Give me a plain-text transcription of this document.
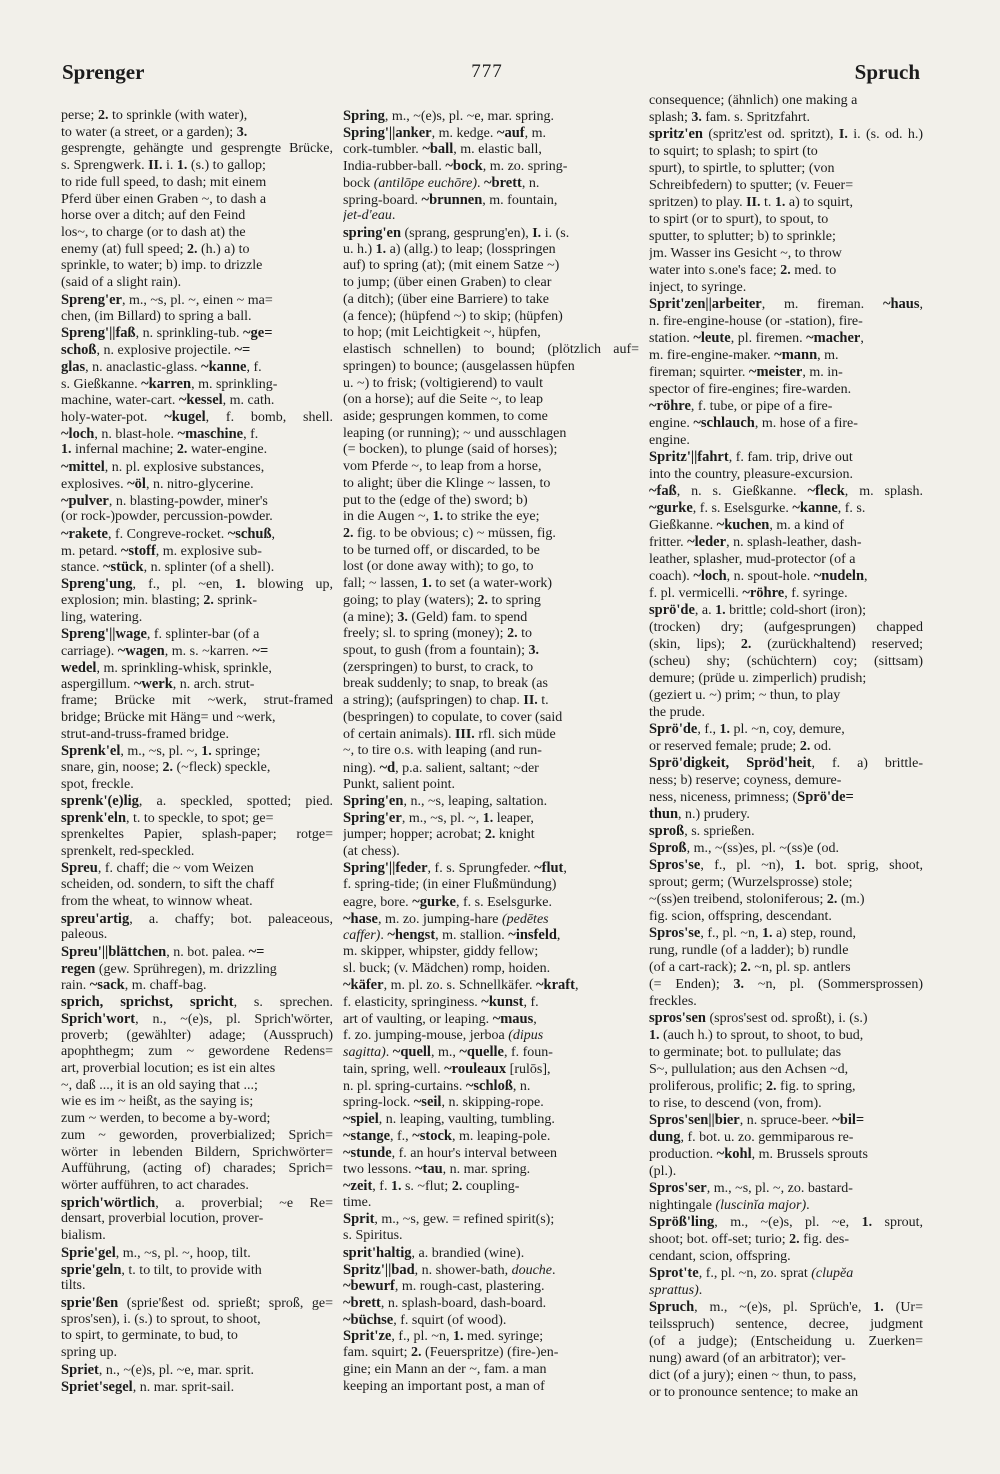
Sprenger	777	Spruch
perse; 2. to sprinkle (with water),
to water (a street, or a garden); 3.
gesprengte, gehängte und gesprengte Brücke,
s. Sprengwerk. II. i. 1. (s.) to gallop;
to ride full speed, to dash; mit einem
Pferd über einen Graben ~, to dash a
horse over a ditch; auf den Feind
los~, to charge (or to dash at) the
enemy (at) full speed; 2. (h.) a) to
sprinkle, to water; b) imp. to drizzle
(said of a slight rain).
Spreng'er, m., ~s, pl. ~, einen ~ ma=
chen, (im Billard) to spring a ball.
Spreng'||faß, n. sprinkling-tub. ~ge=
schoß, n. explosive projectile. ~=
glas, n. anaclastic-glass. ~kanne, f.
s. Gießkanne. ~karren, m. sprinkling-
machine, water-cart. ~kessel, m. cath.
holy-water-pot. ~kugel, f. bomb, shell.
~loch, n. blast-hole. ~maschine, f.
1. infernal machine; 2. water-engine.
~mittel, n. pl. explosive substances,
explosives. ~öl, n. nitro-glycerine.
~pulver, n. blasting-powder, miner's
(or rock-)powder, percussion-powder.
~rakete, f. Congreve-rocket. ~schuß,
m. petard. ~stoff, m. explosive sub-
stance. ~stück, n. splinter (of a shell).
Spreng'ung, f., pl. ~en, 1. blowing up,
explosion; min. blasting; 2. sprink-
ling, watering.
Spreng'||wage, f. splinter-bar (of a
carriage). ~wagen, m. s. ~karren. ~=
wedel, m. sprinkling-whisk, sprinkle,
aspergillum. ~werk, n. arch. strut-
frame; Brücke mit ~werk, strut-framed
bridge; Brücke mit Häng= und ~werk,
strut-and-truss-framed bridge.
Sprenk'el, m., ~s, pl. ~, 1. springe;
snare, gin, noose; 2. (~fleck) speckle,
spot, freckle.
sprenk'(e)lig, a. speckled, spotted; pied.
sprenk'eln, t. to speckle, to spot; ge=
sprenkeltes Papier, splash-paper; rotge=
sprenkelt, red-speckled.
Spreu, f. chaff; die ~ vom Weizen
scheiden, od. sondern, to sift the chaff
from the wheat, to winnow wheat.
spreu'artig, a. chaffy; bot. paleaceous,
paleous.
Spreu'||blättchen, n. bot. palea. ~=
regen (gew. Sprühregen), m. drizzling
rain. ~sack, m. chaff-bag.
sprich, sprichst, spricht, s. sprechen.
Sprich'wort, n., ~(e)s, pl. Sprich'wörter,
proverb; (gewählter) adage; (Ausspruch)
apophthegm; zum ~ gewordene Redens=
art, proverbial locution; es ist ein altes
~, daß ..., it is an old saying that ...;
wie es im ~ heißt, as the saying is;
zum ~ werden, to become a by-word;
zum ~ geworden, proverbialized; Sprich=
wörter in lebenden Bildern, Sprichwörter=
Aufführung, (acting of) charades; Sprich=
wörter aufführen, to act charades.
sprich'wörtlich, a. proverbial; ~e Re=
densart, proverbial locution, prover-
bialism.
Sprie'gel, m., ~s, pl. ~, hoop, tilt.
sprie'geln, t. to tilt, to provide with
tilts.
sprie'ßen (sprie'ßest od. sprießt; sproß, ge=
spros'sen), i. (s.) to sprout, to shoot,
to spirt, to germinate, to bud, to
spring up.
Spriet, n., ~(e)s, pl. ~e, mar. sprit.
Spriet'segel, n. mar. sprit-sail.
Spring, m., ~(e)s, pl. ~e, mar. spring.
Spring'||anker, m. kedge. ~auf, m.
cork-tumbler. ~ball, m. elastic ball,
India-rubber-ball. ~bock, m. zo. spring-
bock (antilōpe euchōre). ~brett, n.
spring-board. ~brunnen, m. fountain,
jet-d'eau.
spring'en (sprang, gesprung'en), I. i. (s.
u. h.) 1. a) (allg.) to leap; (losspringen
auf) to spring (at); (mit einem Satze ~)
to jump; (über einen Graben) to clear
(a ditch); (über eine Barriere) to take
(a fence); (hüpfend ~) to skip; (hüpfen)
to hop; (mit Leichtigkeit ~, hüpfen,
elastisch schnellen) to bound; (plötzlich auf=
springen) to bounce; (ausgelassen hüpfen
u. ~) to frisk; (voltigierend) to vault
(on a horse); auf die Seite ~, to leap
aside; gesprungen kommen, to come
leaping (or running); ~ und ausschlagen
(= bocken), to plunge (said of horses);
vom Pferde ~, to leap from a horse,
to alight; über die Klinge ~ lassen, to
put to the (edge of the) sword; b)
in die Augen ~, 1. to strike the eye;
2. fig. to be obvious; c) ~ müssen, fig.
to be turned off, or discarded, to be
lost (or done away with); to go, to
fall; ~ lassen, 1. to set (a water-work)
going; to play (waters); 2. to spring
(a mine); 3. (Geld) fam. to spend
freely; sl. to spring (money); 2. to
spout, to gush (from a fountain); 3.
(zerspringen) to burst, to crack, to
break suddenly; to snap, to break (as
a string); (aufspringen) to chap. II. t.
(bespringen) to copulate, to cover (said
of certain animals). III. rfl. sich müde
~, to tire o.s. with leaping (and run-
ning). ~d, p.a. salient, saltant; ~der
Punkt, salient point.
Spring'en, n., ~s, leaping, saltation.
Spring'er, m., ~s, pl. ~, 1. leaper,
jumper; hopper; acrobat; 2. knight
(at chess).
Spring'||feder, f. s. Sprungfeder. ~flut,
f. spring-tide; (in einer Flußmündung)
eagre, bore. ~gurke, f. s. Eselsgurke.
~hase, m. zo. jumping-hare (pedētes
caffer). ~hengst, m. stallion. ~insfeld,
m. skipper, whipster, giddy fellow;
sl. buck; (v. Mädchen) romp, hoiden.
~käfer, m. pl. zo. s. Schnellkäfer. ~kraft,
f. elasticity, springiness. ~kunst, f.
art of vaulting, or leaping. ~maus,
f. zo. jumping-mouse, jerboa (dipus
sagitta). ~quell, m., ~quelle, f. foun-
tain, spring, well. ~rouleaux [rulōs],
n. pl. spring-curtains. ~schloß, n.
spring-lock. ~seil, n. skipping-rope.
~spiel, n. leaping, vaulting, tumbling.
~stange, f., ~stock, m. leaping-pole.
~stunde, f. an hour's interval between
two lessons. ~tau, n. mar. spring.
~zeit, f. 1. s. ~flut; 2. coupling-
time.
Sprit, m., ~s, gew. = refined spirit(s);
s. Spiritus.
sprit'haltig, a. brandied (wine).
Spritz'||bad, n. shower-bath, douche.
~bewurf, m. rough-cast, plastering.
~brett, n. splash-board, dash-board.
~büchse, f. squirt (of wood).
Sprit'ze, f., pl. ~n, 1. med. syringe;
fam. squirt; 2. (Feuerspritze) (fire-)en-
gine; ein Mann an der ~, fam. a man
keeping an important post, a man of
consequence; (ähnlich) one making a
splash; 3. fam. s. Spritzfahrt.
spritz'en (spritz'est od. spritzt), I. i. (s. od. h.)
to squirt; to splash; to spirt (to
spurt), to spirtle, to splutter; (von
Schreibfedern) to sputter; (v. Feuer=
spritzen) to play. II. t. 1. a) to squirt,
to spirt (or to spurt), to spout, to
sputter, to splutter; b) to sprinkle;
jm. Wasser ins Gesicht ~, to throw
water into s.one's face; 2. med. to
inject, to syringe.
Sprit'zen||arbeiter, m. fireman. ~haus,
n. fire-engine-house (or -station), fire-
station. ~leute, pl. firemen. ~macher,
m. fire-engine-maker. ~mann, m.
fireman; squirter. ~meister, m. in-
spector of fire-engines; fire-warden.
~röhre, f. tube, or pipe of a fire-
engine. ~schlauch, m. hose of a fire-
engine.
Spritz'||fahrt, f. fam. trip, drive out
into the country, pleasure-excursion.
~faß, n. s. Gießkanne. ~fleck, m. splash.
~gurke, f. s. Eselsgurke. ~kanne, f. s.
Gießkanne. ~kuchen, m. a kind of
fritter. ~leder, n. splash-leather, dash-
leather, splasher, mud-protector (of a
coach). ~loch, n. spout-hole. ~nudeln,
f. pl. vermicelli. ~röhre, f. syringe.
sprö'de, a. 1. brittle; cold-short (iron);
(trocken) dry; (aufgesprungen) chapped
(skin, lips); 2. (zurückhaltend) reserved;
(scheu) shy; (schüchtern) coy; (sittsam)
demure; (prüde u. zimperlich) prudish;
(geziert u. ~) prim; ~ thun, to play
the prude.
Sprö'de, f., 1. pl. ~n, coy, demure,
or reserved female; prude; 2. od.
Sprö'digkeit, Spröd'heit, f. a) brittle-
ness; b) reserve; coyness, demure-
ness, niceness, primness; (Sprö'de=
thun, n.) prudery.
sproß, s. sprießen.
Sproß, m., ~(ss)es, pl. ~(ss)e (od.
Spros'se, f., pl. ~n), 1. bot. sprig, shoot,
sprout; germ; (Wurzelsprosse) stole;
~(ss)en treibend, stoloniferous; 2. (m.)
fig. scion, offspring, descendant.
Spros'se, f., pl. ~n, 1. a) step, round,
rung, rundle (of a ladder); b) rundle
(of a cart-rack); 2. ~n, pl. sp. antlers
(= Enden); 3. ~n, pl. (Sommersprossen)
freckles.
spros'sen (spros'sest od. sproßt), i. (s.)
1. (auch h.) to sprout, to shoot, to bud,
to germinate; bot. to pullulate; das
S~, pullulation; aus den Achsen ~d,
proliferous, prolific; 2. fig. to spring,
to rise, to descend (von, from).
Spros'sen||bier, n. spruce-beer. ~bil=
dung, f. bot. u. zo. gemmiparous re-
production. ~kohl, m. Brussels sprouts
(pl.).
Spros'ser, m., ~s, pl. ~, zo. bastard-
nightingale (luscinĭa major).
Spröß'ling, m., ~(e)s, pl. ~e, 1. sprout,
shoot; bot. off-set; turio; 2. fig. des-
cendant, scion, offspring.
Sprot'te, f., pl. ~n, zo. sprat (clupĕa
sprattus).
Spruch, m., ~(e)s, pl. Sprüch'e, 1. (Ur=
teilsspruch) sentence, decree, judgment
(of a judge); (Entscheidung u. Zuerken=
nung) award (of an arbitrator); ver-
dict (of a jury); einen ~ thun, to pass,
or to pronounce sentence; to make an
